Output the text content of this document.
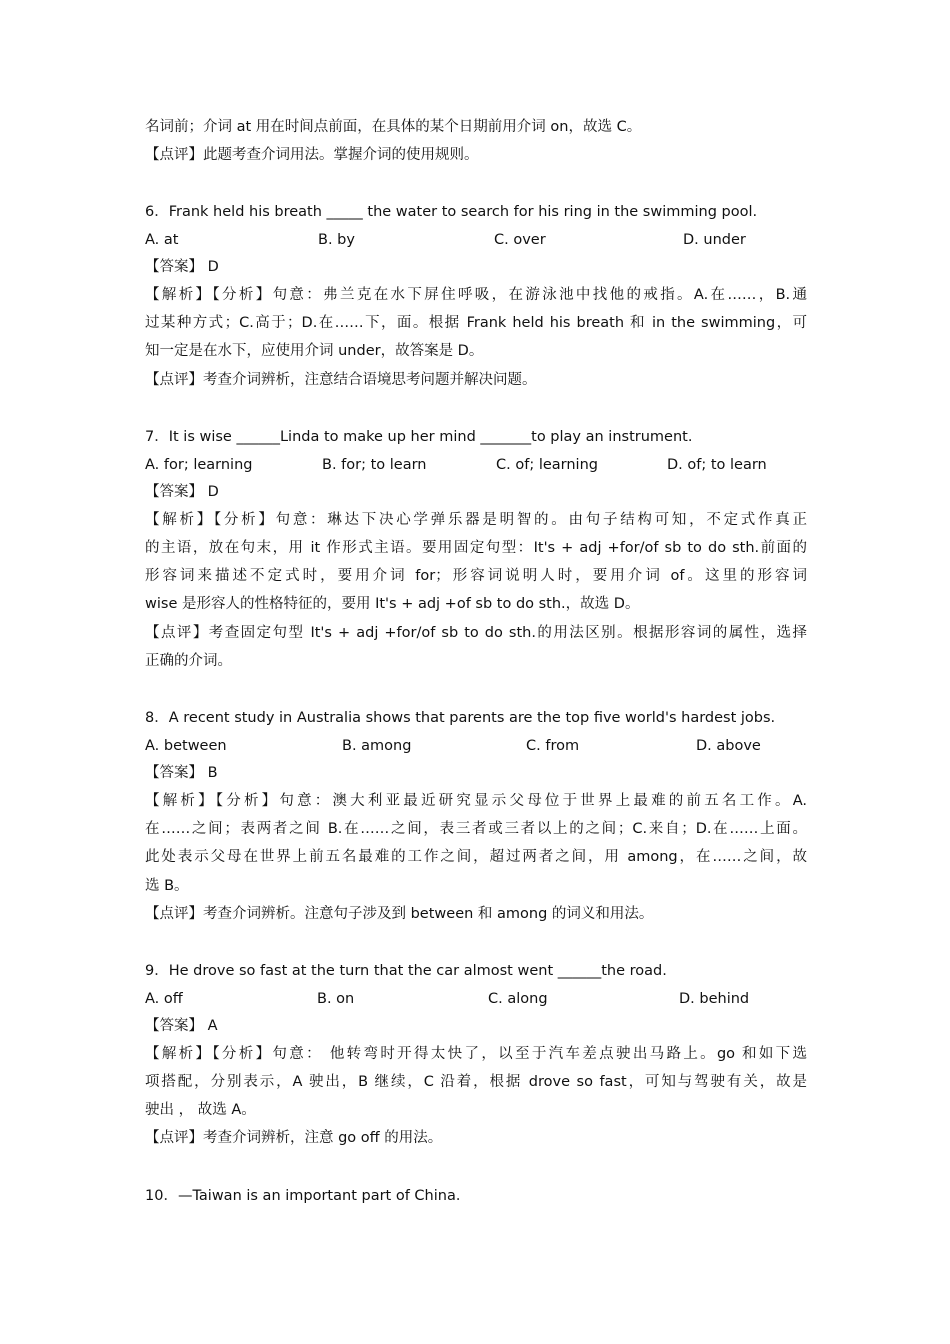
名词前；介词 at 用在时间点前面，在具体的某个日期前用介词 on，故选 C。
【点评】此题考查介词用法。掌握介词的使用规则。
6．Frank held his breath _____ the water to search for his ring in the swimming pool.
A. at	B. by	C. over	D. under
【答案】 D
【解析】【分析】句意：弗兰克在水下屏住呼吸，在游泳池中找他的戒指。A.在……，B.通
过某种方式；C.高于；D.在……下，面。根据 Frank held his breath 和 in the swimming，可
知一定是在水下，应使用介词 under，故答案是 D。
【点评】考查介词辨析，注意结合语境思考问题并解决问题。
7．It is wise ______Linda to make up her mind _______to play an instrument.
A. for; learning	B. for; to learn	C. of; learning	D. of; to learn
【答案】 D
【解析】【分析】句意：琳达下决心学弹乐器是明智的。由句子结构可知，不定式作真正
的主语，放在句末，用 it 作形式主语。要用固定句型：It's + adj +for/of sb to do sth.前面的
形容词来描述不定式时，要用介词 for；形容词说明人时，要用介词 of。这里的形容词
wise 是形容人的性格特征的，要用 It's + adj +of sb to do sth.，故选 D。
【点评】考查固定句型 It's + adj +for/of sb to do sth.的用法区别。根据形容词的属性，选择
正确的介词。
8．A recent study in Australia shows that parents are the top five world's hardest jobs.
A. between	B. among	C. from	D. above
【答案】 B
【解析】【分析】句意：澳大利亚最近研究显示父母位于世界上最难的前五名工作。A.
在……之间；表两者之间 B.在……之间，表三者或三者以上的之间；C.来自；D.在……上面。
此处表示父母在世界上前五名最难的工作之间，超过两者之间，用 among，在……之间，故
选 B。
【点评】考查介词辨析。注意句子涉及到 between 和 among 的词义和用法。
9．He drove so fast at the turn that the car almost went ______the road.
A. off	B. on	C. along	D. behind
【答案】 A
【解析】【分析】句意： 他转弯时开得太快了，以至于汽车差点驶出马路上。go 和如下选
项搭配，分别表示，A 驶出，B 继续，C 沿着，根据 drove so fast，可知与驾驶有关，故是
驶出 ， 故选 A。
【点评】考查介词辨析，注意 go off 的用法。
10．—Taiwan is an important part of China．
